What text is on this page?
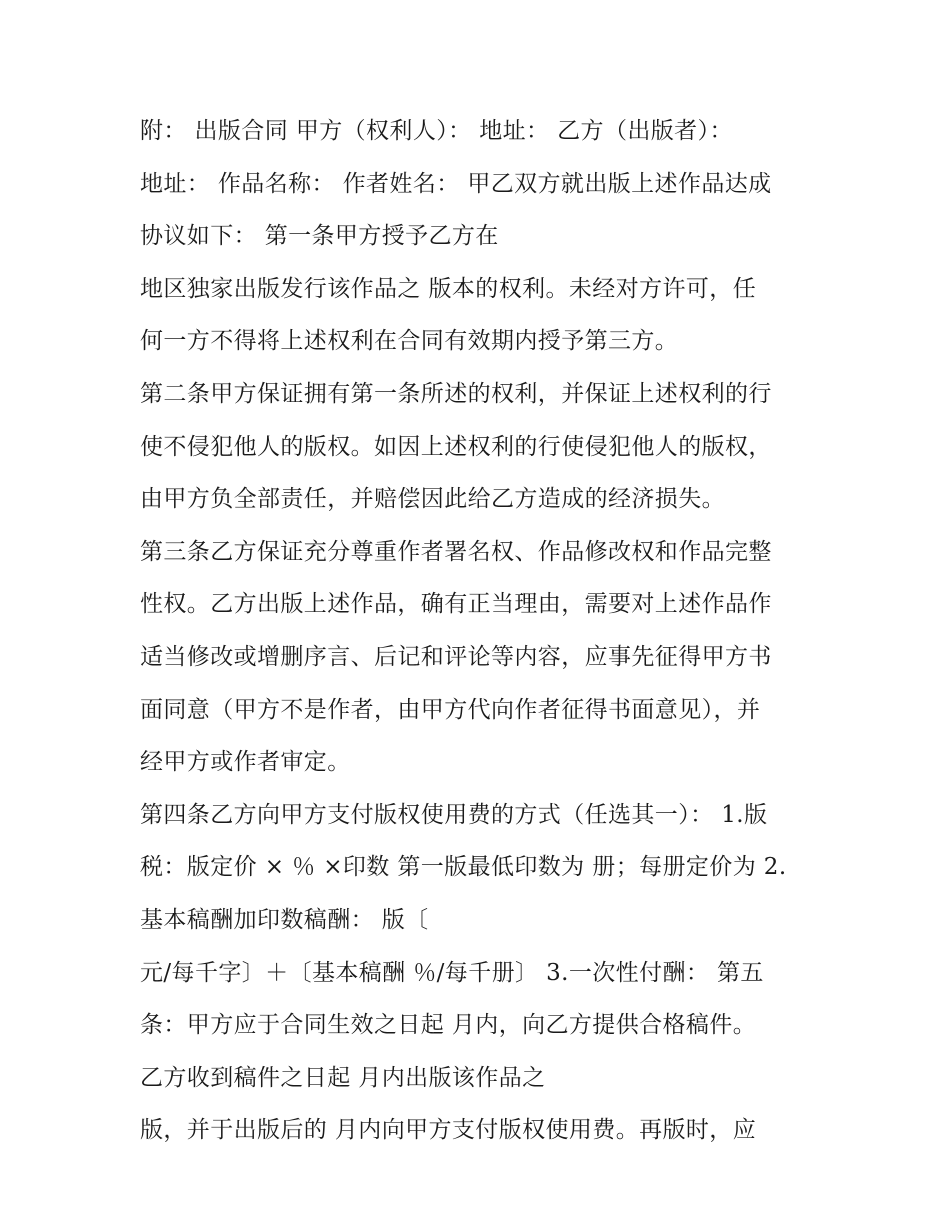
附： 出版合同 甲方（权利人）： 地址： 乙方（出版者）：
地址： 作品名称： 作者姓名： 甲乙双方就出版上述作品达成
协议如下： 第一条甲方授予乙方在
地区独家出版发行该作品之 版本的权利。未经对方许可，任
何一方不得将上述权利在合同有效期内授予第三方。
第二条甲方保证拥有第一条所述的权利，并保证上述权利的行
使不侵犯他人的版权。如因上述权利的行使侵犯他人的版权，
由甲方负全部责任，并赔偿因此给乙方造成的经济损失。
第三条乙方保证充分尊重作者署名权、作品修改权和作品完整
性权。乙方出版上述作品，确有正当理由，需要对上述作品作
适当修改或增删序言、后记和评论等内容，应事先征得甲方书
面同意（甲方不是作者，由甲方代向作者征得书面意见），并
经甲方或作者审定。
第四条乙方向甲方支付版权使用费的方式（任选其一）： 1.版
税：版定价 × ％ ×印数 第一版最低印数为 册；每册定价为 2.
基本稿酬加印数稿酬： 版〔
元/每千字〕＋〔基本稿酬 ％/每千册〕 3.一次性付酬： 第五
条：甲方应于合同生效之日起 月内，向乙方提供合格稿件。
乙方收到稿件之日起 月内出版该作品之
版，并于出版后的 月内向甲方支付版权使用费。再版时，应
